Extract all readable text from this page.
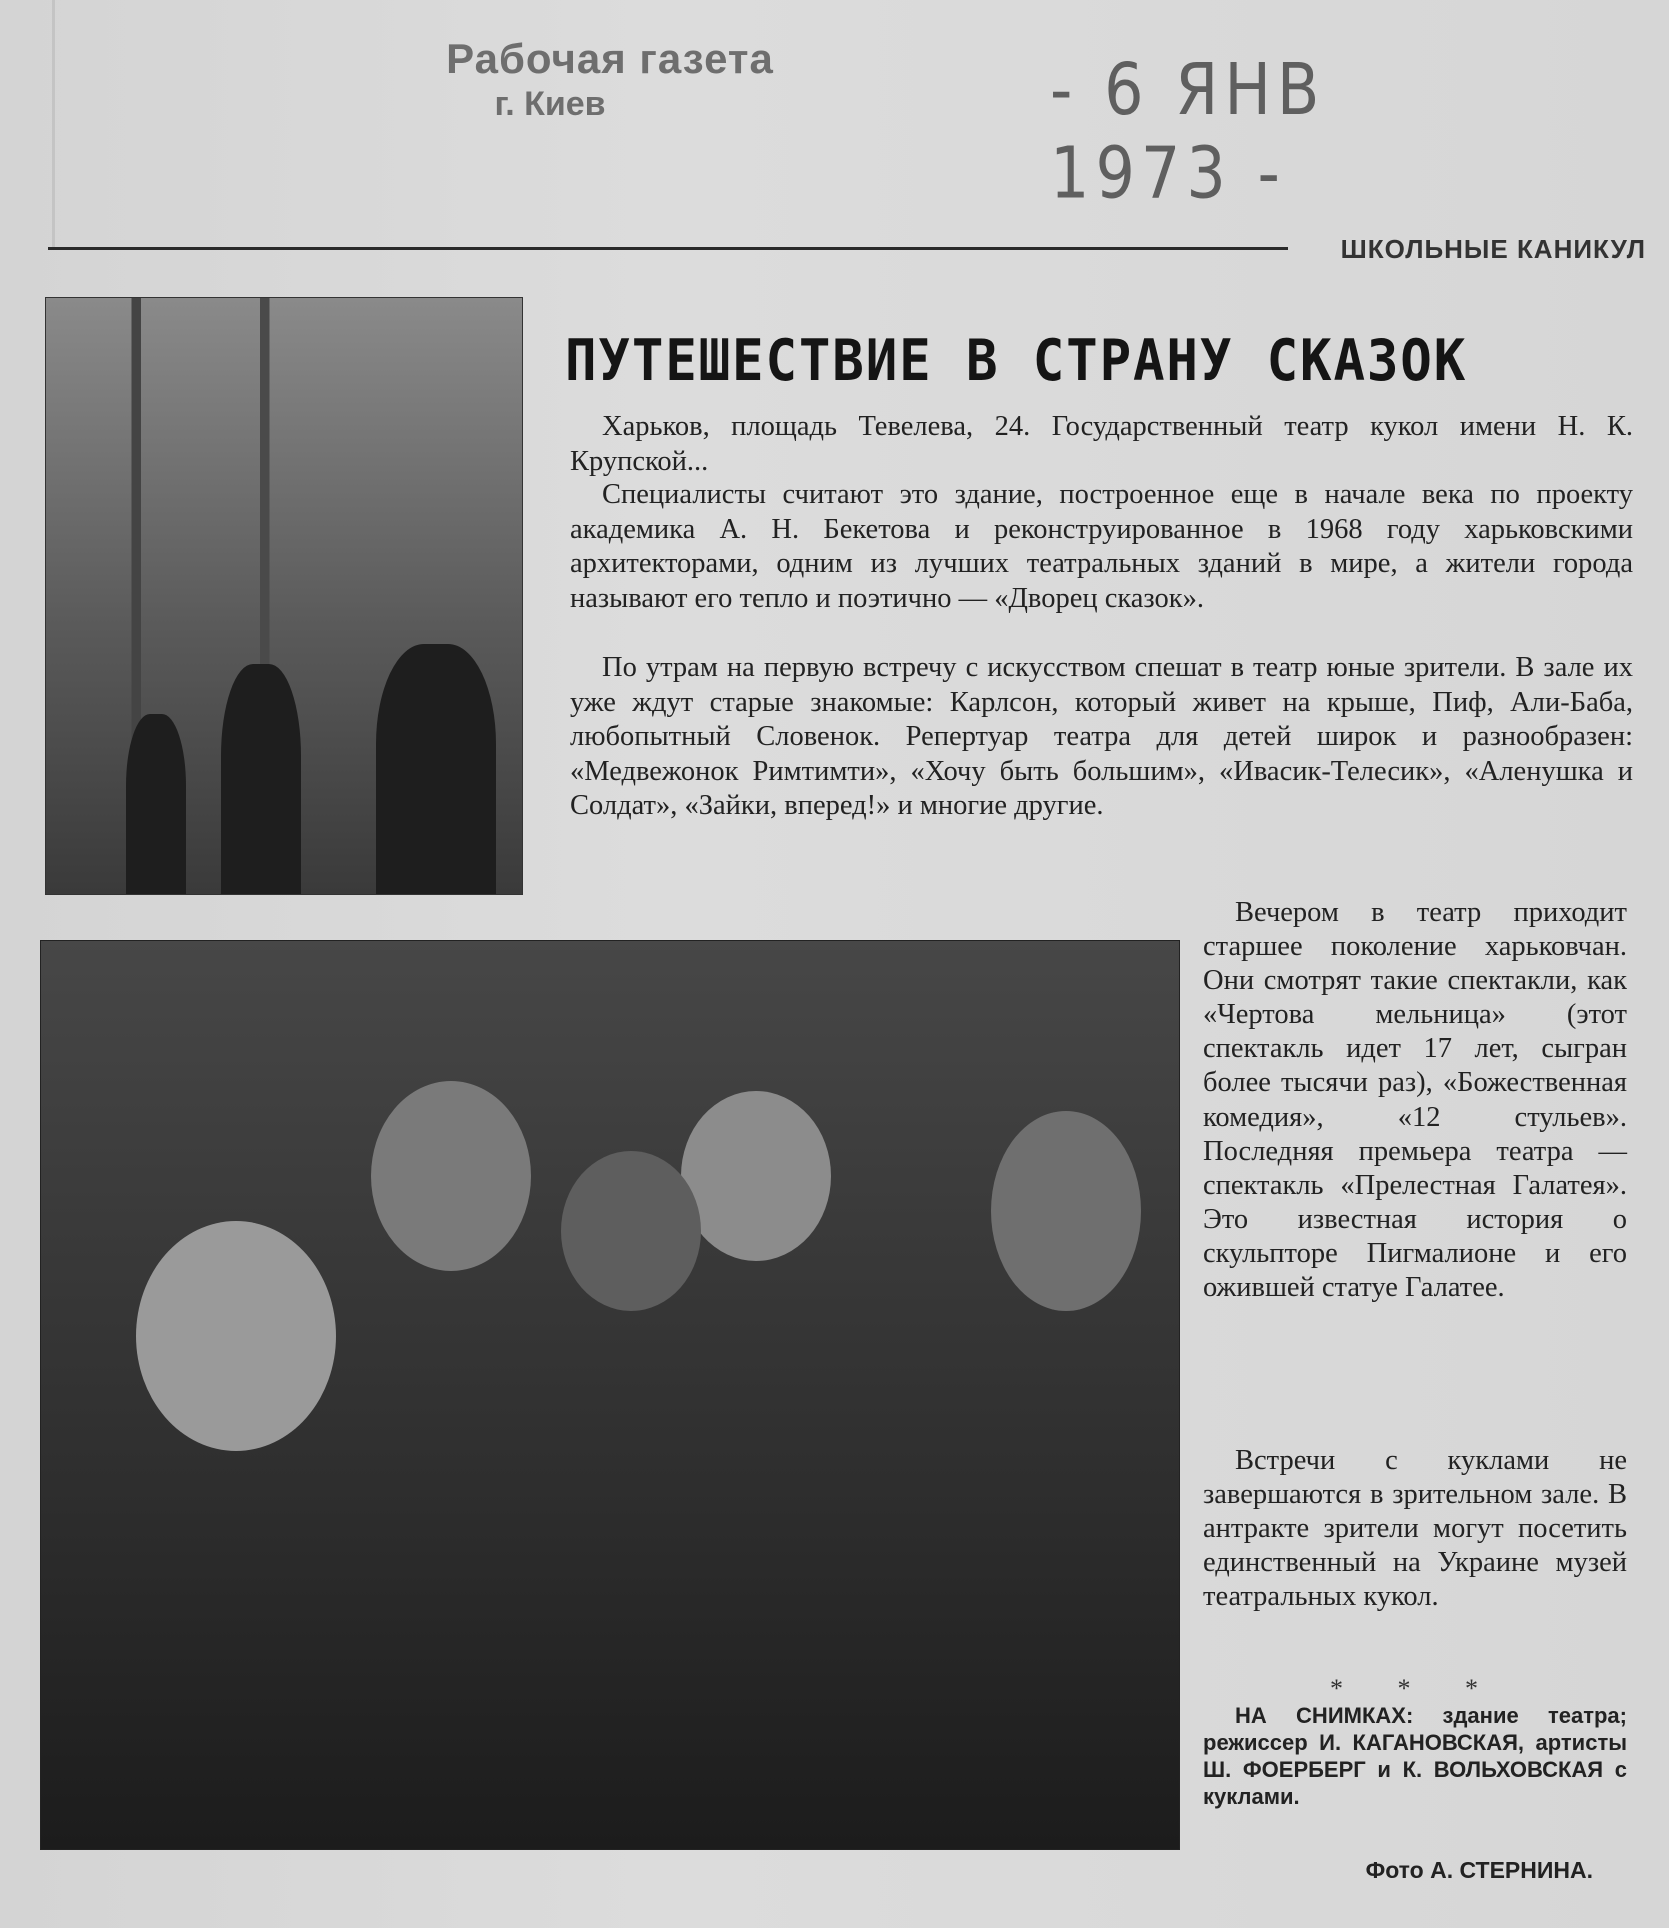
Рабочая газета
г. Киев	- 6 ЯНВ 1973 -
ШКОЛЬНЫЕ КАНИКУЛ
ПУТЕШЕСТВИЕ В СТРАНУ СКАЗОК

Харьков, площадь Тевелева, 24. Государственный театр кукол имени Н. К. Крупской...

Специалисты считают это здание, построенное еще в начале века по проекту академика А. Н. Бекетова и реконструированное в 1968 году харьковскими архитекторами, одним из лучших театральных зданий в мире, а жители города называют его тепло и поэтично — «Дворец сказок».

По утрам на первую встречу с искусством спешат в театр юные зрители. В зале их уже ждут старые знакомые: Карлсон, который живет на крыше, Пиф, Али-Баба, любопытный Словенок. Репертуар театра для детей широк и разнообразен: «Медвежонок Римтимти», «Хочу быть большим», «Ивасик-Телесик», «Аленушка и Солдат», «Зайки, вперед!» и многие другие.

Вечером в театр приходит старшее поколение харьковчан. Они смотрят такие спектакли, как «Чертова мельница» (этот спектакль идет 17 лет, сыгран более тысячи раз), «Божественная комедия», «12 стульев». Последняя премьера театра — спектакль «Прелестная Галатея». Это известная история о скульпторе Пигмалионе и его ожившей статуе Галатее.

Встречи с куклами не завершаются в зрительном зале. В антракте зрители могут посетить единственный на Украине музей театральных кукол.

* * *

НА СНИМКАХ: здание театра; режиссер И. КАГАНОВСКАЯ, артисты Ш. ФОЕРБЕРГ и К. ВОЛЬХОВСКАЯ с куклами.

Фото А. СТЕРНИНА.
